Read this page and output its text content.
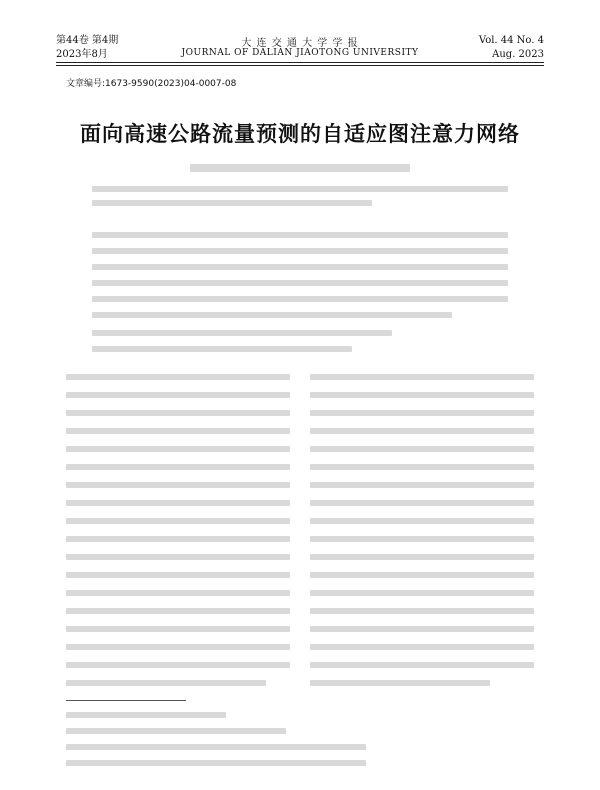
第44卷 第4期
2023年8月
大 连 交 通 大 学 学 报
JOURNAL OF DALIAN JIAOTONG UNIVERSITY
Vol. 44 No. 4
Aug. 2023
文章编号:1673-9590(2023)04-0007-08
面向高速公路流量预测的自适应图注意力网络
